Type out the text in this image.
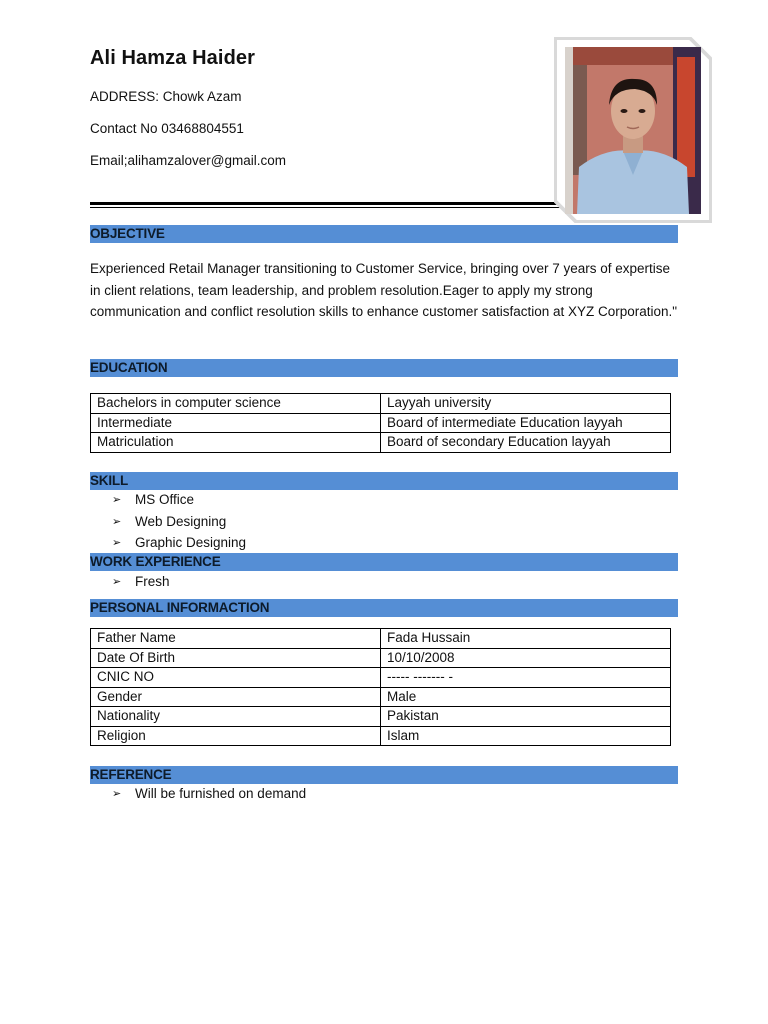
Ali Hamza Haider
ADDRESS: Chowk Azam
Contact No 03468804551
Email;alihamzalover@gmail.com
OBJECTIVE
Experienced Retail Manager transitioning to Customer Service, bringing over 7 years of expertise in client relations, team leadership, and problem resolution.Eager to apply my strong communication and conflict resolution skills to enhance customer satisfaction at XYZ Corporation."
EDUCATION
Bachelors in computer science	Layyah university
Intermediate	Board of intermediate Education layyah
Matriculation	Board of secondary Education layyah
SKILL
➢	MS Office
➢	Web Designing
➢	Graphic Designing
WORK EXPERIENCE
➢	Fresh
PERSONAL INFORMACTION
Father Name	Fada Hussain
Date Of Birth	10/10/2008
CNIC NO	----- ------- -
Gender	Male
Nationality	Pakistan
Religion	Islam
REFERENCE
➢	Will be furnished on demand
